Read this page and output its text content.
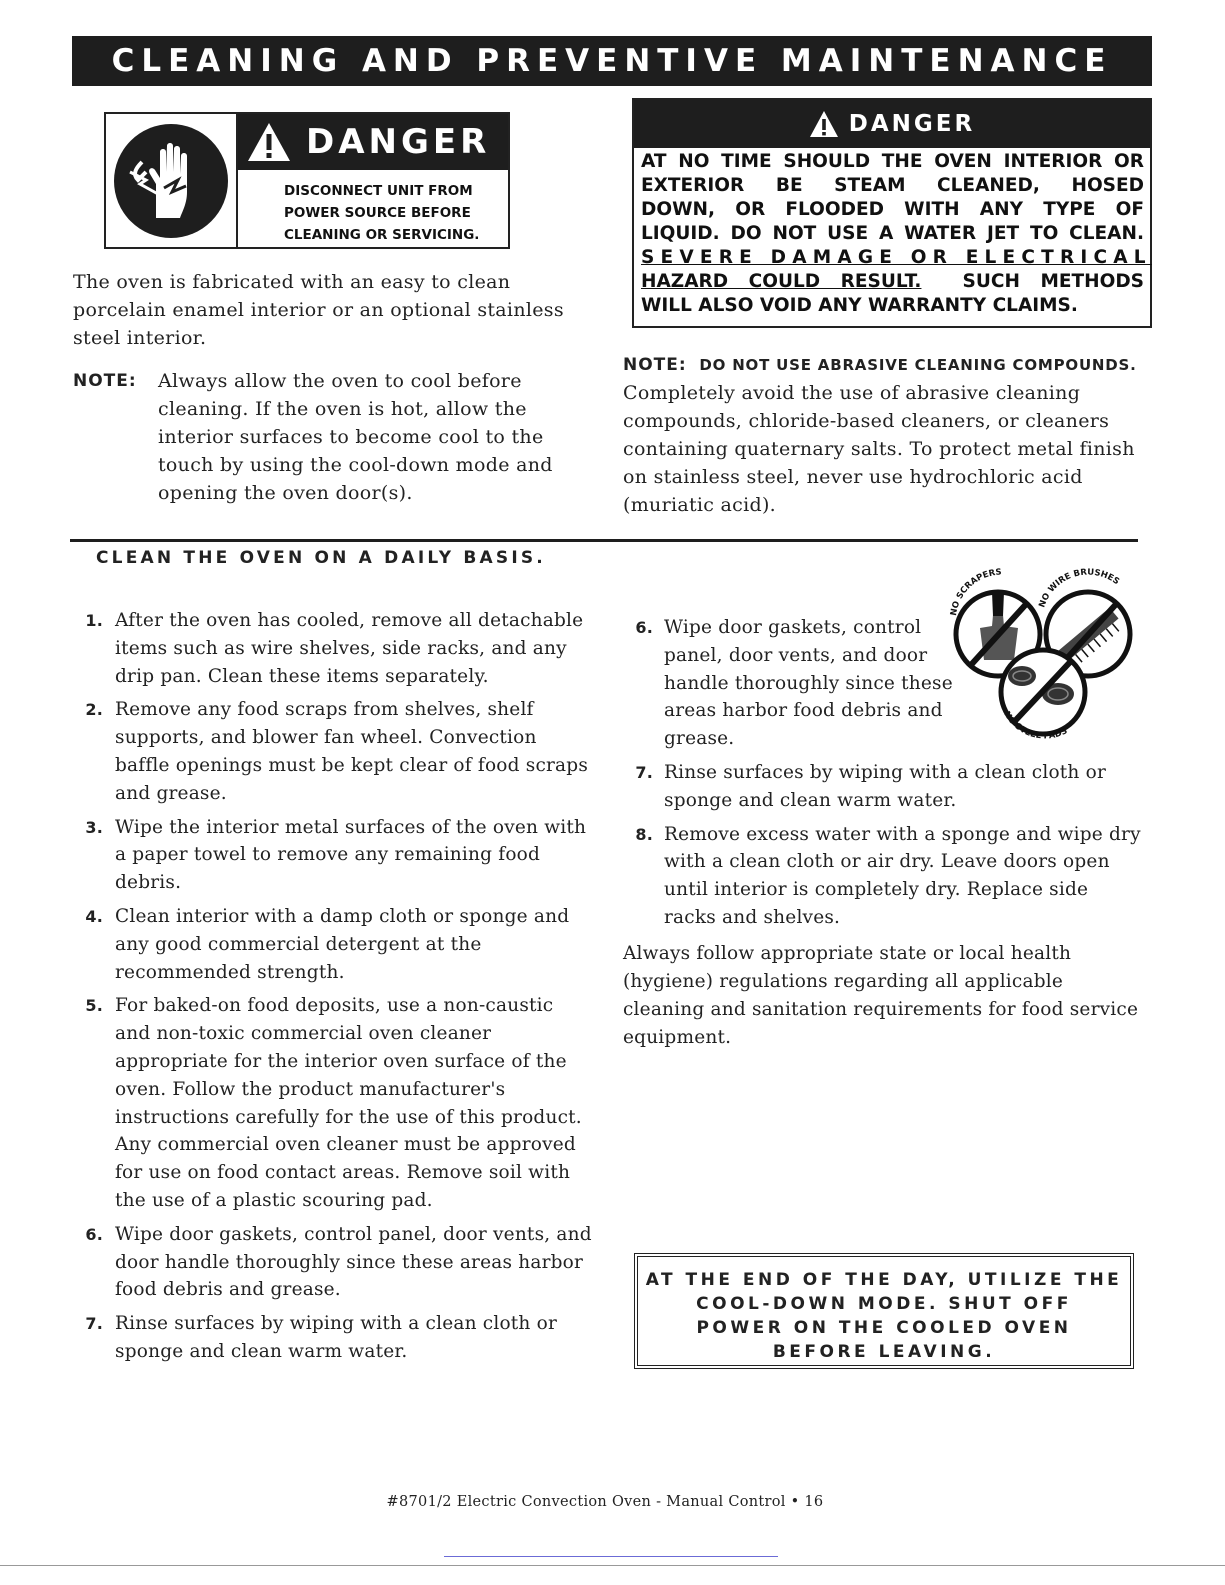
CLEANING AND PREVENTIVE MAINTENANCE
DANGER
DISCONNECT UNIT FROM
POWER SOURCE BEFORE
CLEANING OR SERVICING.

The oven is fabricated with an easy to clean porcelain enamel interior or an optional stainless steel interior.

NOTE: Always allow the oven to cool before cleaning. If the oven is hot, allow the interior surfaces to become cool to the touch by using the cool-down mode and opening the oven door(s).
DANGER
AT NO TIME SHOULD THE OVEN INTERIOR OR
EXTERIOR BE STEAM CLEANED, HOSED
DOWN, OR FLOODED WITH ANY TYPE OF
LIQUID. DO NOT USE A WATER JET TO CLEAN.
SEVERE DAMAGE OR ELECTRICAL
HAZARD COULD RESULT. SUCH METHODS
WILL ALSO VOID ANY WARRANTY CLAIMS.
NOTE: DO NOT USE ABRASIVE CLEANING COMPOUNDS.  Completely avoid the use of abrasive cleaning compounds, chloride-based cleaners, or cleaners containing quaternary salts. To protect metal finish on stainless steel, never use hydrochloric acid (muriatic acid).
CLEAN THE OVEN ON A DAILY BASIS.
1. After the oven has cooled, remove all detachable items such as wire shelves, side racks, and any drip pan. Clean these items separately.
2. Remove any food scraps from shelves, shelf supports, and blower fan wheel. Convection baffle openings must be kept clear of food scraps and grease.
3. Wipe the interior metal surfaces of the oven with a paper towel to remove any remaining food debris.
4. Clean interior with a damp cloth or sponge and any good commercial detergent at the recommended strength.
5. For baked-on food deposits, use a non-caustic and non-toxic commercial oven cleaner appropriate for the interior oven surface of the oven. Follow the product manufacturer's instructions carefully for the use of this product. Any commercial oven cleaner must be approved for use on food contact areas. Remove soil with the use of a plastic scouring pad.
6. Wipe door gaskets, control panel, door vents, and door handle thoroughly since these areas harbor food debris and grease.
7. Rinse surfaces by wiping with a clean cloth or sponge and clean warm water.
6. Wipe door gaskets, control panel, door vents, and door handle thoroughly since these areas harbor food debris and grease.
7. Rinse surfaces by wiping with a clean cloth or sponge and clean warm water.
8. Remove excess water with a sponge and wipe dry with a clean cloth or air dry. Leave doors open until interior is completely dry. Replace side racks and shelves.
NO SCRAPERS
NO WIRE BRUSHES
NO STEEL PADS

Always follow appropriate state or local health (hygiene) regulations regarding all applicable cleaning and sanitation requirements for food service equipment.

AT THE END OF THE DAY, UTILIZE THE
COOL-DOWN MODE. SHUT OFF
POWER ON THE COOLED OVEN
BEFORE LEAVING.
#8701/2 Electric Convection Oven - Manual Control • 16
